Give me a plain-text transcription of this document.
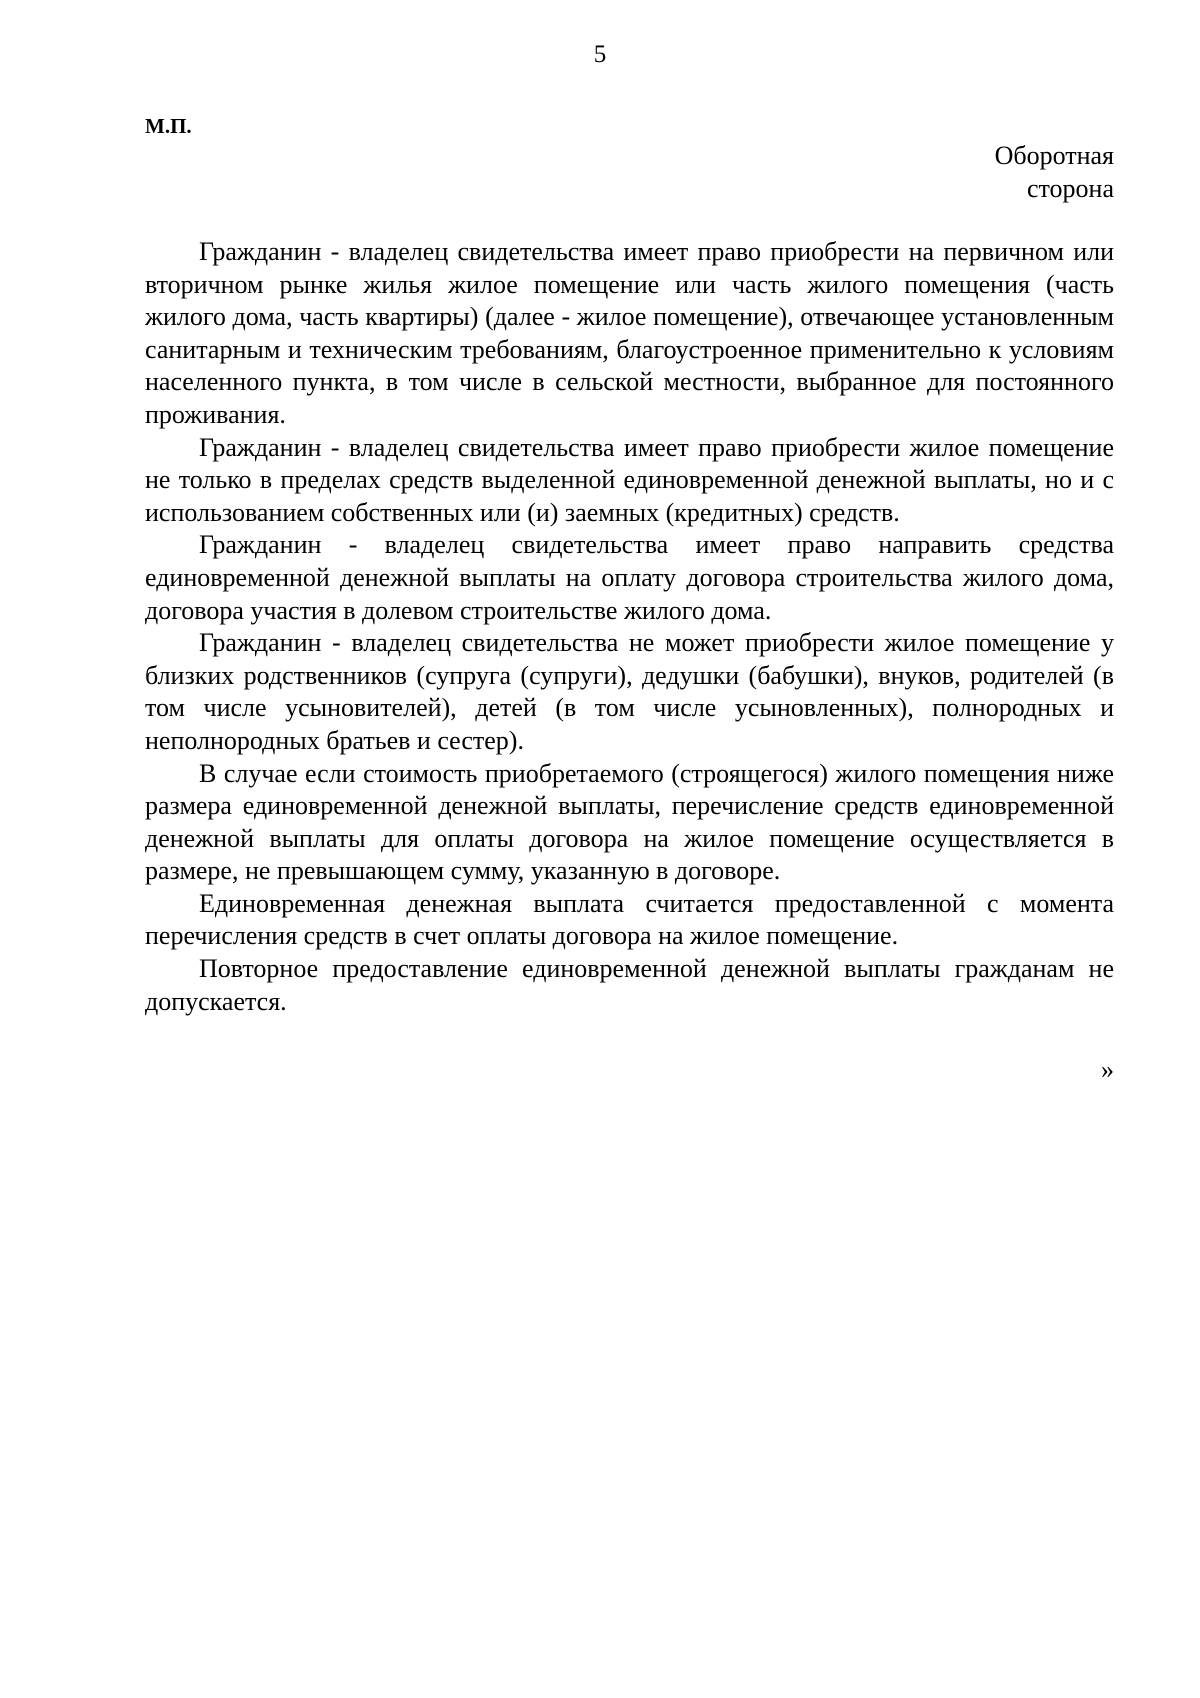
5
М.П.
Оборотная
сторона

Гражданин - владелец свидетельства имеет право приобрести на первичном или вторичном рынке жилья жилое помещение или часть жилого помещения (часть жилого дома, часть квартиры) (далее - жилое помещение), отвечающее установленным санитарным и техническим требованиям, благоустроенное применительно к условиям населенного пункта, в том числе в сельской местности, выбранное для постоянного проживания.

Гражданин - владелец свидетельства имеет право приобрести жилое помещение не только в пределах средств выделенной единовременной денежной выплаты, но и с использованием собственных или (и) заемных (кредитных) средств.

Гражданин - владелец свидетельства имеет право направить средства единовременной денежной выплаты на оплату договора строительства жилого дома, договора участия в долевом строительстве жилого дома.

Гражданин - владелец свидетельства не может приобрести жилое помещение у близких родственников (супруга (супруги), дедушки (бабушки), внуков, родителей (в том числе усыновителей), детей (в том числе усыновленных), полнородных и неполнородных братьев и сестер).

В случае если стоимость приобретаемого (строящегося) жилого помещения ниже размера единовременной денежной выплаты, перечисление средств единовременной денежной выплаты для оплаты договора на жилое помещение осуществляется в размере, не превышающем сумму, указанную в договоре.

Единовременная денежная выплата считается предоставленной с момента перечисления средств в счет оплаты договора на жилое помещение.

Повторное предоставление единовременной денежной выплаты гражданам не допускается.

»
